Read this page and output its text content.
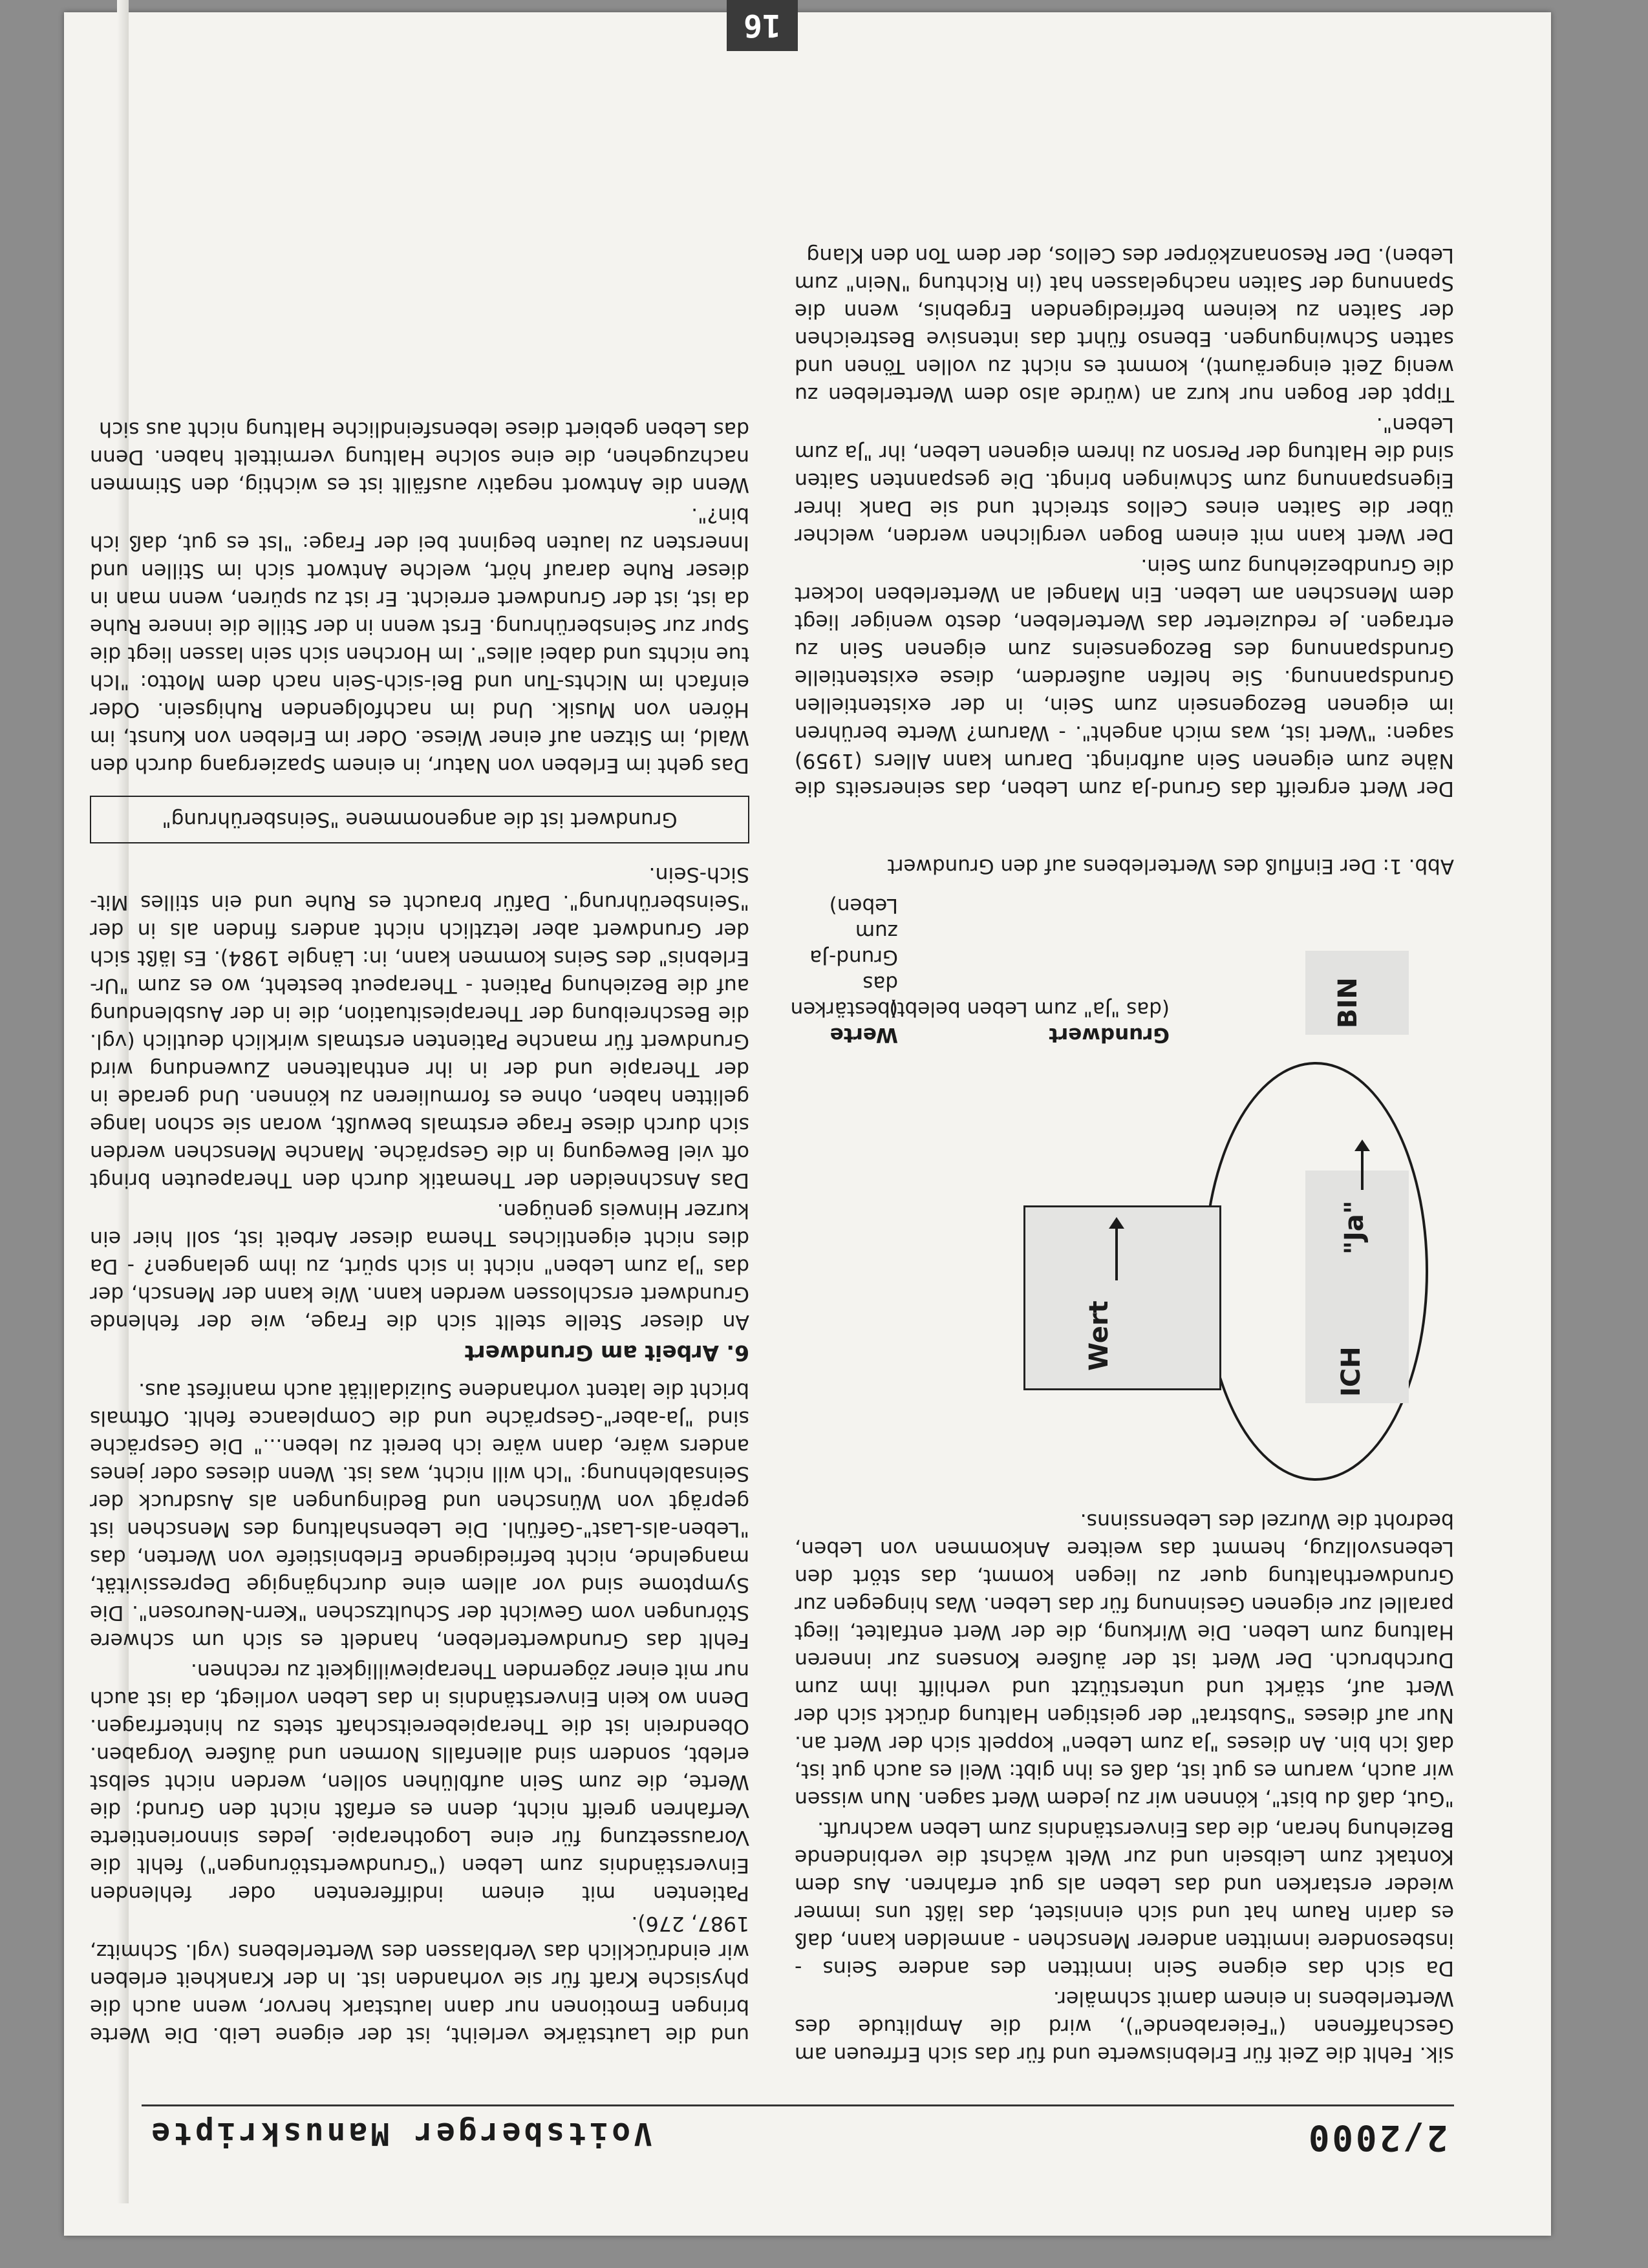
2/2000
Voitsberger Manuskripte

sik. Fehlt die Zeit für Erlebniswerte und für das sich Erfreuen am Geschaffenen ("Feierabende"), wird die Amplitude des Werterlebens in einem damit schmäler.

Da sich das eigene Sein inmitten des andere Seins - insbesondere inmitten anderer Menschen - anmelden kann, daß es darin Raum hat und sich einnistet, das läßt uns immer wieder erstarken und das Leben als gut erfahren. Aus dem Kontakt zum Leibsein und zur Welt wächst die verbindende Beziehung heran, die das Einverständnis zum Leben wachruft.

"Gut, daß du bist", können wir zu jedem Wert sagen. Nun wissen wir auch, warum es gut ist, daß es ihn gibt: Weil es auch gut ist, daß ich bin. An dieses "Ja zum Leben" koppelt sich der Wert an. Nur auf dieses "Substrat" der geistigen Haltung drückt sich der Wert auf, stärkt und unterstützt und verhilft ihm zum Durchbruch. Der Wert ist der äußere Konsens zur inneren Haltung zum Leben. Die Wirkung, die der Wert entfaltet, liegt parallel zur eigenen Gesinnung für das Leben. Was hingegen zur Grundwerthaltung quer zu liegen kommt, das stört den Lebensvollzug, hemmt das weitere Ankommen von Leben, bedroht die Wurzel des Lebenssinns.

ICH
"Ja"
BIN
Wert
Grundwert
(das "Ja" zum Leben belebt)
Werte
(bestärken das Grund-Ja zum Leben)
Abb. 1: Der Einfluß des Werterlebens auf den Grundwert

Der Wert ergreift das Grund-Ja zum Leben, das seinerseits die Nähe zum eigenen Sein aufbringt. Darum kann Allers (1959) sagen: "Wert ist, was mich angeht". - Warum? Werte berühren im eigenen Bezogensein zum Sein, in der existentiellen Grundspannung. Sie helfen außerdem, diese existentielle Grundspannung des Bezogenseins zum eigenen Sein zu ertragen. Je reduzierter das Werterleben, desto weniger liegt dem Menschen am Leben. Ein Mangel an Werterleben lockert die Grundbeziehung zum Sein.

Der Wert kann mit einem Bogen verglichen werden, welcher über die Saiten eines Cellos streicht und sie Dank ihrer Eigenspannung zum Schwingen bringt. Die gespannten Saiten sind die Haltung der Person zu ihrem eigenen Leben, ihr "Ja zum Leben".

Tippt der Bogen nur kurz an (würde also dem Werterleben zu wenig Zeit eingeräumt), kommt es nicht zu vollen Tönen und satten Schwingungen. Ebenso führt das intensive Bestreichen der Saiten zu keinem befriedigenden Ergebnis, wenn die Spannung der Saiten nachgelassen hat (in Richtung "Nein" zum Leben). Der Resonanzkörper des Cellos, der dem Ton den Klang

und die Lautstärke verleiht, ist der eigene Leib. Die Werte bringen Emotionen nur dann lautstark hervor, wenn auch die physische Kraft für sie vorhanden ist. In der Krankheit erleben wir eindrücklich das Verblassen des Werterlebens (vgl. Schmitz, 1987, 276).

Patienten mit einem indifferenten oder fehlenden Einverständnis zum Leben ("Grundwertstörungen") fehlt die Voraussetzung für eine Logotherapie. Jedes sinnorientierte Verfahren greift nicht, denn es erfaßt nicht den Grund; die Werte, die zum Sein aufblühen sollen, werden nicht selbst erlebt, sondern sind allenfalls Normen und äußere Vorgaben. Obendrein ist die Therapiebereitschaft stets zu hinterfragen. Denn wo kein Einverständnis in das Leben vorliegt, da ist auch nur mit einer zögernden Therapiewilligkeit zu rechnen.

Fehlt das Grundwerterleben, handelt es sich um schwere Störungen vom Gewicht der Schultzschen "Kern-Neurosen". Die Symptome sind vor allem eine durchgängige Depressivität, mangelnde, nicht befriedigende Erlebnistiefe von Werten, das "Leben-als-Last"-Gefühl. Die Lebenshaltung des Menschen ist geprägt von Wünschen und Bedingungen als Ausdruck der Seinsablehnung: "Ich will nicht, was ist. Wenn dieses oder jenes anders wäre, dann wäre ich bereit zu leben..." Die Gespräche sind "Ja-aber"-Gespräche und die Compleance fehlt. Oftmals bricht die latent vorhandene Suizidalität auch manifest aus.

6. Arbeit am Grundwert

An dieser Stelle stellt sich die Frage, wie der fehlende Grundwert erschlossen werden kann. Wie kann der Mensch, der das "Ja zum Leben" nicht in sich spürt, zu ihm gelangen? - Da dies nicht eigentliches Thema dieser Arbeit ist, soll hier ein kurzer Hinweis genügen.

Das Anschneiden der Thematik durch den Therapeuten bringt oft viel Bewegung in die Gespräche. Manche Menschen werden sich durch diese Frage erstmals bewußt, woran sie schon lange gelitten haben, ohne es formulieren zu können. Und gerade in der Therapie und der in ihr enthaltenen Zuwendung wird Grundwert für manche Patienten erstmals wirklich deutlich (vgl. die Beschreibung der Therapiesituation, die in der Ausblendung auf die Beziehung Patient - Therapeut besteht, wo es zum "Ur-Erlebnis" des Seins kommen kann, in: Längle 1984). Es läßt sich der Grundwert aber letztlich nicht anders finden als in der "Seinsberührung". Dafür braucht es Ruhe und ein stilles Mit-Sich-Sein.

Grundwert ist die angenommene "Seinsberührung"

Das geht im Erleben von Natur, in einem Spaziergang durch den Wald, im Sitzen auf einer Wiese. Oder im Erleben von Kunst, im Hören von Musik. Und im nachfolgenden Ruhigsein. Oder einfach im Nichts-Tun und Bei-sich-Sein nach dem Motto: "Ich tue nichts und dabei alles". Im Horchen sich sein lassen liegt die Spur zur Seinsberührung. Erst wenn in der Stille die innere Ruhe da ist, ist der Grundwert erreicht. Er ist zu spüren, wenn man in dieser Ruhe darauf hört, welche Antwort sich im Stillen und Innersten zu lauten beginnt bei der Frage: "Ist es gut, daß ich bin?".

Wenn die Antwort negativ ausfällt ist es wichtig, den Stimmen nachzugehen, die eine solche Haltung vermittelt haben. Denn das Leben gebiert diese lebensfeindliche Haltung nicht aus sich

16
